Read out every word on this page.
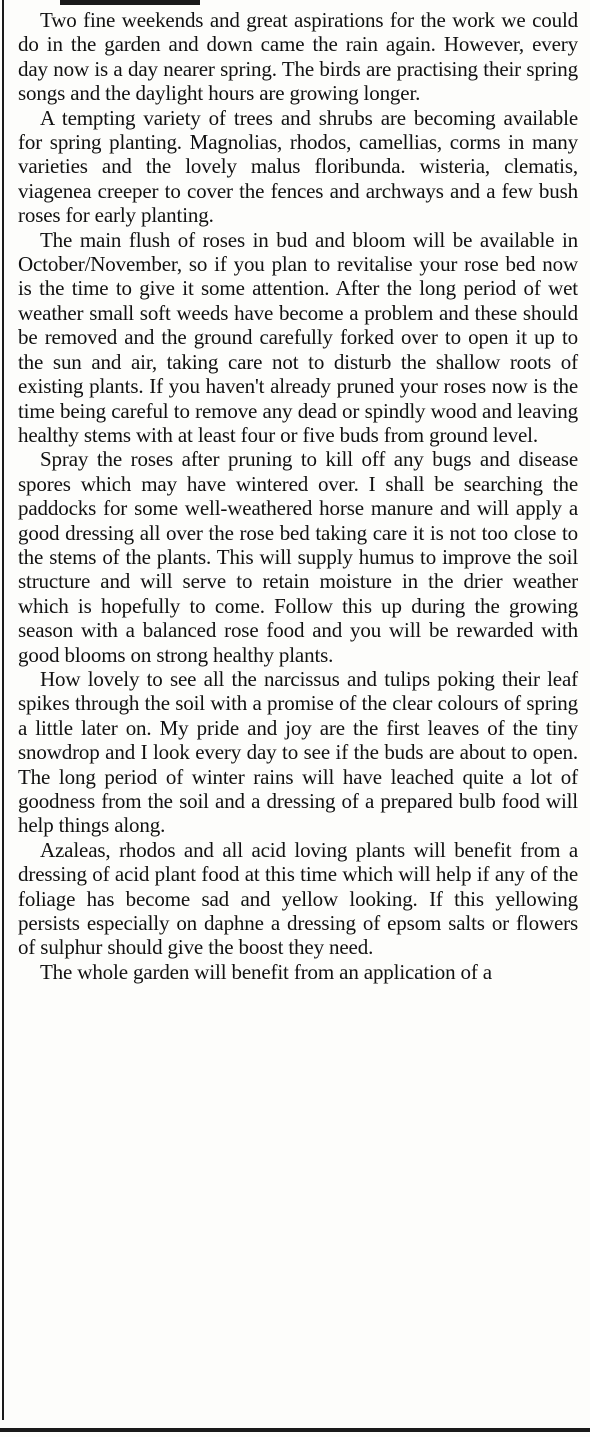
Two fine weekends and great aspirations for the work we could do in the garden and down came the rain again. However, every day now is a day nearer spring. The birds are practising their spring songs and the daylight hours are growing longer.

A tempting variety of trees and shrubs are becoming available for spring planting. Magnolias, rhodos, camellias, corms in many varieties and the lovely malus floribunda. wisteria, clematis, viagenea creeper to cover the fences and archways and a few bush roses for early planting.

The main flush of roses in bud and bloom will be available in October/November, so if you plan to revitalise your rose bed now is the time to give it some attention. After the long period of wet weather small soft weeds have become a problem and these should be removed and the ground carefully forked over to open it up to the sun and air, taking care not to disturb the shallow roots of existing plants. If you haven't already pruned your roses now is the time being careful to remove any dead or spindly wood and leaving healthy stems with at least four or five buds from ground level.

Spray the roses after pruning to kill off any bugs and disease spores which may have wintered over. I shall be searching the paddocks for some well-weathered horse manure and will apply a good dressing all over the rose bed taking care it is not too close to the stems of the plants. This will supply humus to improve the soil structure and will serve to retain moisture in the drier weather which is hopefully to come. Follow this up during the growing season with a balanced rose food and you will be rewarded with good blooms on strong healthy plants.

How lovely to see all the narcissus and tulips poking their leaf spikes through the soil with a promise of the clear colours of spring a little later on. My pride and joy are the first leaves of the tiny snowdrop and I look every day to see if the buds are about to open. The long period of winter rains will have leached quite a lot of goodness from the soil and a dressing of a prepared bulb food will help things along.

Azaleas, rhodos and all acid loving plants will benefit from a dressing of acid plant food at this time which will help if any of the foliage has become sad and yellow looking. If this yellowing persists especially on daphne a dressing of epsom salts or flowers of sulphur should give the boost they need.

The whole garden will benefit from an application of a
